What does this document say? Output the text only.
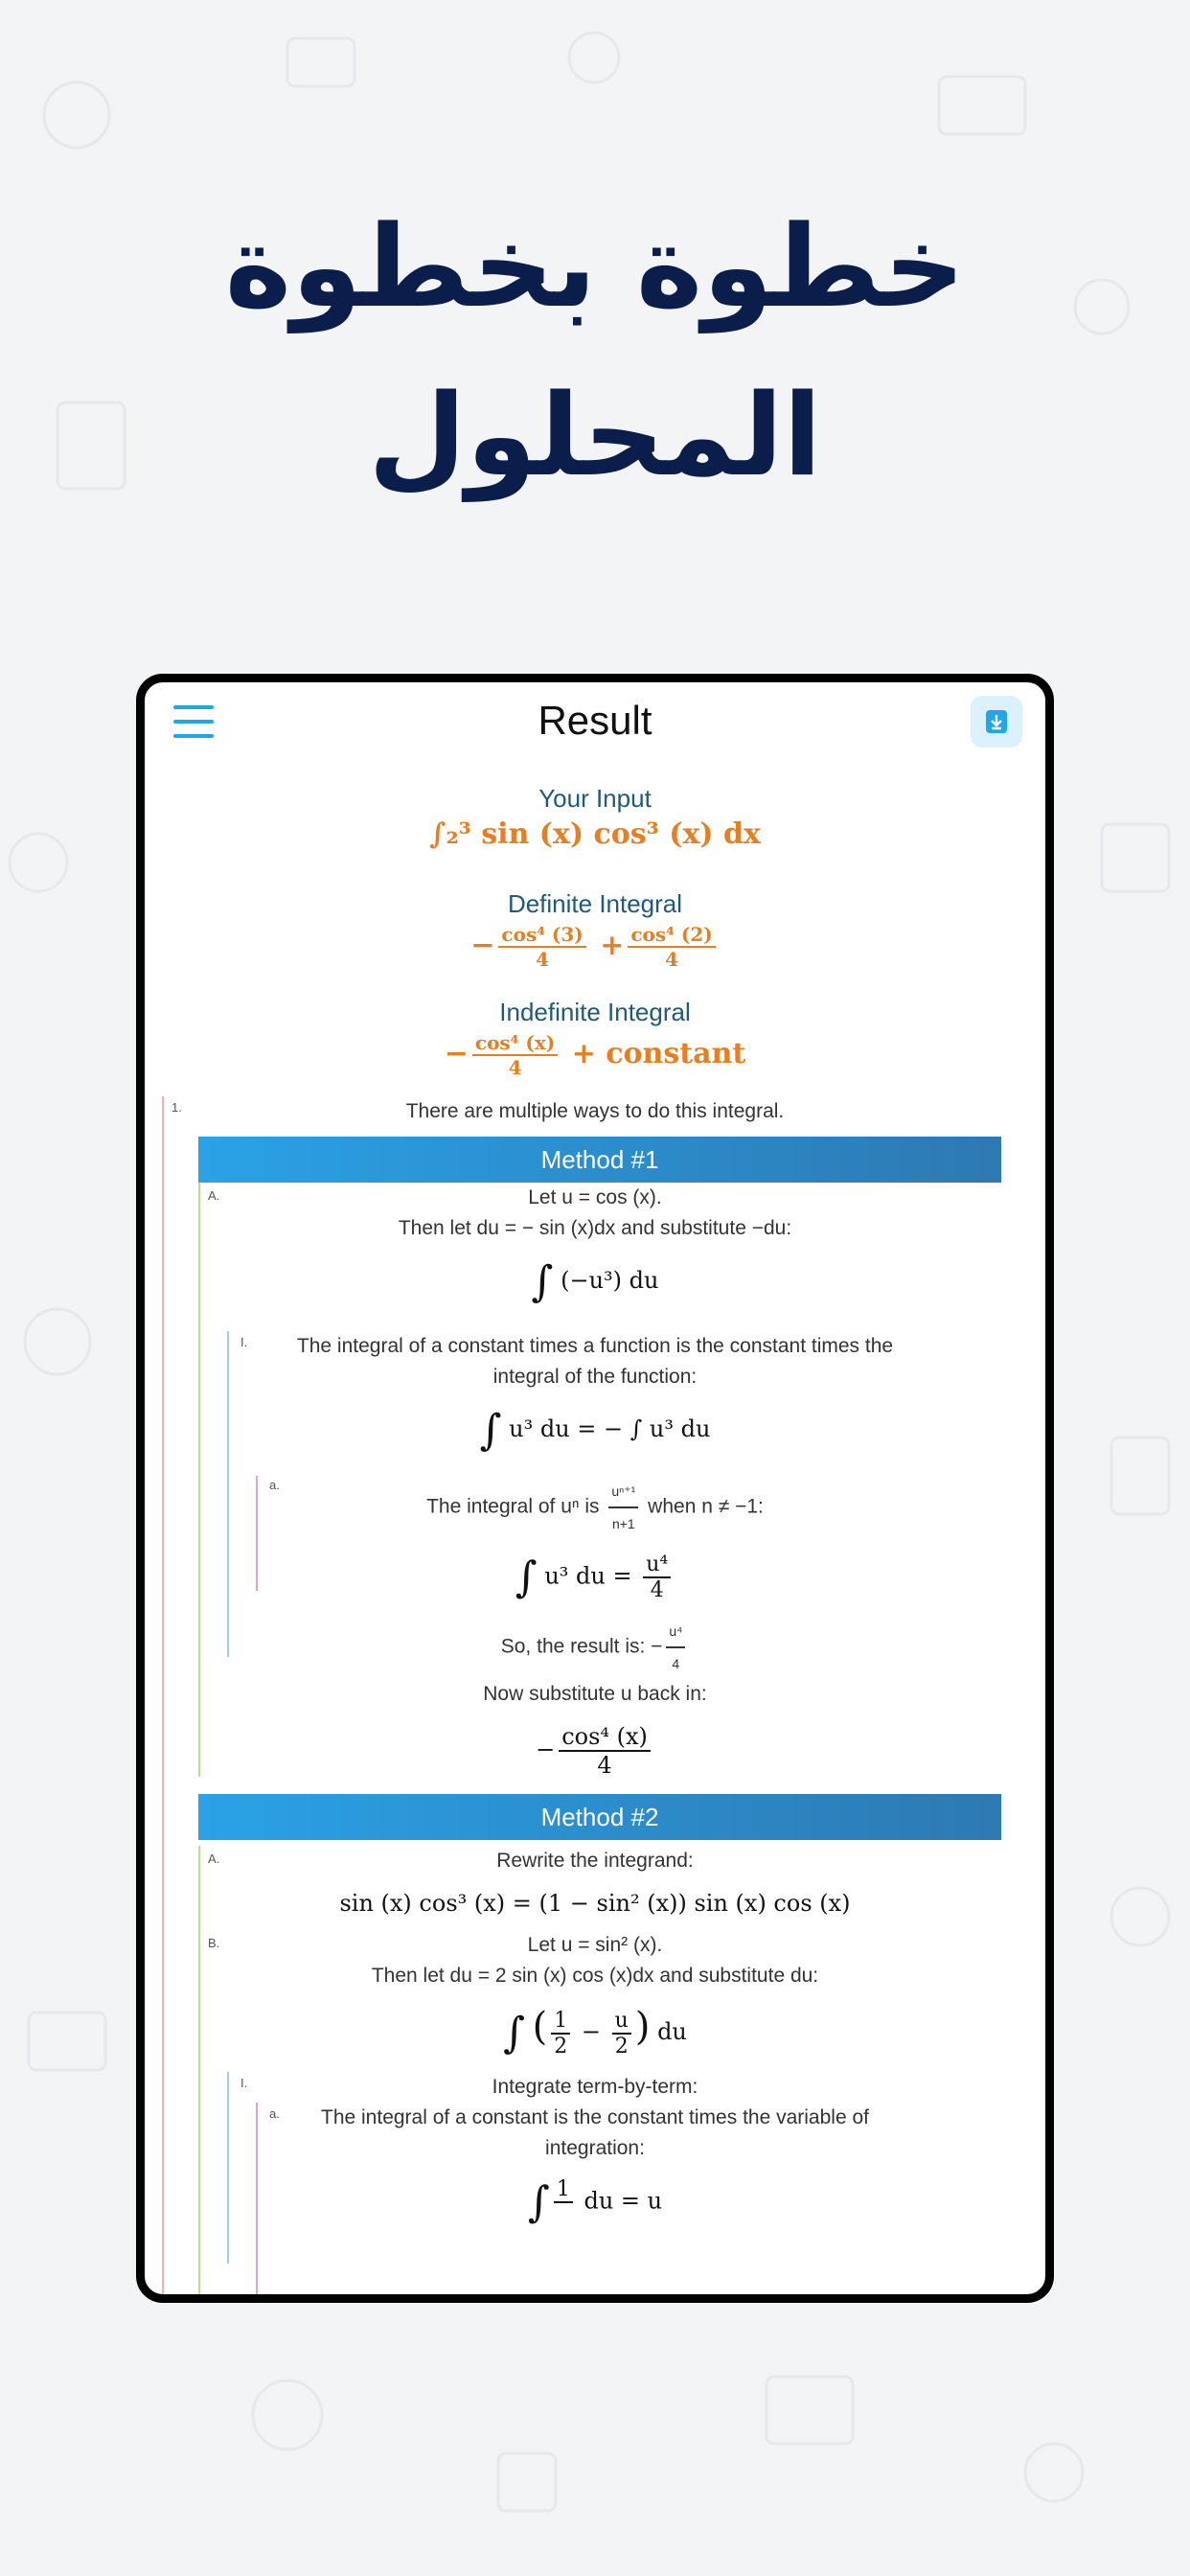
خطوة بخطوة
المحلول
Result
Your Input
∫₂³ sin (x) cos³ (x) dx
Definite Integral
− $\frac{\text{cos⁴ (3)}}{4} + \frac{\text{cos⁴ (2)}}{4}$
Indefinite Integral
− $\frac{\text{cos⁴ (x)}}{4}$ + constant
1.	There are multiple ways to do this integral.
Method #1
A.	Let u = cos (x).
Then let du = − sin (x)dx and substitute −du:
∫ (−u³) du
I.	The integral of a constant times a function is the constant times the integral of the function:
∫ u³ du = − ∫ u³ du
a.
The integral of uⁿ is $\frac{\text{uⁿ⁺¹}}{n+1}$ when n ≠ −1:
∫ u³ du = $\frac{\text{u⁴}}{4}$
So, the result is: − $\frac{\text{u⁴}}{4}$
Now substitute u back in:
− $\frac{\text{cos⁴ (x)}}{4}$
Method #2
A.	Rewrite the integrand:
sin (x) cos³ (x) = (1 − sin² (x)) sin (x) cos (x)
B.	Let u = sin² (x).
Then let du = 2 sin (x) cos (x)dx and substitute du:
∫ ( $\frac{1}{2} - \frac{u}{2}$ ) du
I.	Integrate term-by-term:
a.	The integral of a constant is the constant times the variable of integration:
∫ 1 du = u
